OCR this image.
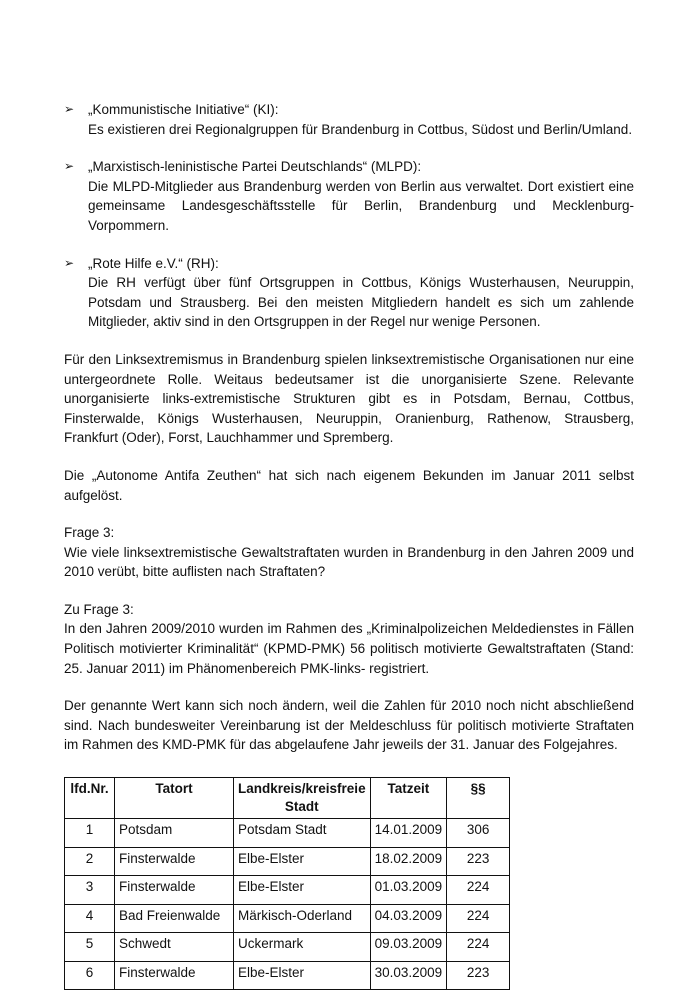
➢ „Kommunistische Initiative“ (KI):
Es existieren drei Regionalgruppen für Brandenburg in Cottbus, Südost und Berlin/Umland.
➢ „Marxistisch-leninistische Partei Deutschlands“ (MLPD):
Die MLPD-Mitglieder aus Brandenburg werden von Berlin aus verwaltet. Dort existiert eine gemeinsame Landesgeschäftsstelle für Berlin, Brandenburg und Mecklenburg-Vorpommern.
➢ „Rote Hilfe e.V.“ (RH):
Die RH verfügt über fünf Ortsgruppen in Cottbus, Königs Wusterhausen, Neuruppin, Potsdam und Strausberg. Bei den meisten Mitgliedern handelt es sich um zahlende Mitglieder, aktiv sind in den Ortsgruppen in der Regel nur wenige Personen.

Für den Linksextremismus in Brandenburg spielen linksextremistische Organisationen nur eine untergeordnete Rolle. Weitaus bedeutsamer ist die unorganisierte Szene. Relevante unorganisierte links-extremistische Strukturen gibt es in Potsdam, Bernau, Cottbus, Finsterwalde, Königs Wusterhausen, Neuruppin, Oranienburg, Rathenow, Strausberg, Frankfurt (Oder), Forst, Lauchhammer und Spremberg.

Die „Autonome Antifa Zeuthen“ hat sich nach eigenem Bekunden im Januar 2011 selbst aufgelöst.

Frage 3:
Wie viele linksextremistische Gewaltstraftaten wurden in Brandenburg in den Jahren 2009 und 2010 verübt, bitte auflisten nach Straftaten?

Zu Frage 3:
In den Jahren 2009/2010 wurden im Rahmen des „Kriminalpolizeichen Meldedienstes in Fällen Politisch motivierter Kriminalität“ (KPMD-PMK) 56 politisch motivierte Gewaltstraftaten (Stand: 25. Januar 2011) im Phänomenbereich PMK-links- registriert.

Der genannte Wert kann sich noch ändern, weil die Zahlen für 2010 noch nicht abschließend sind. Nach bundesweiter Vereinbarung ist der Meldeschluss für politisch motivierte Straftaten im Rahmen des KMD-PMK für das abgelaufene Jahr jeweils der 31. Januar des Folgejahres.

lfd.Nr.	Tatort	Landkreis/kreisfreie Stadt	Tatzeit	§§
1	Potsdam	Potsdam Stadt	14.01.2009	306
2	Finsterwalde	Elbe-Elster	18.02.2009	223
3	Finsterwalde	Elbe-Elster	01.03.2009	224
4	Bad Freienwalde	Märkisch-Oderland	04.03.2009	224
5	Schwedt	Uckermark	09.03.2009	224
6	Finsterwalde	Elbe-Elster	30.03.2009	223
